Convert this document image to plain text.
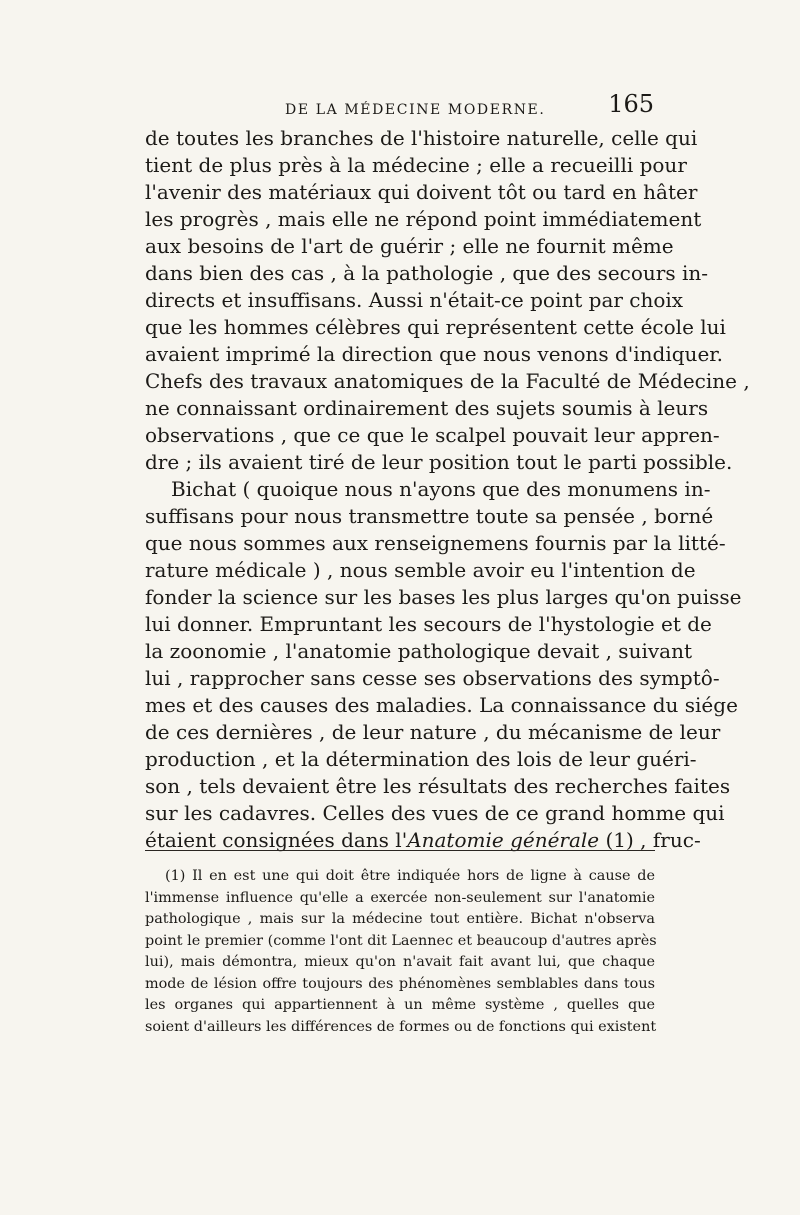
DE LA MÉDECINE MODERNE.	165
de toutes les branches de l'histoire naturelle, celle qui
tient de plus près à la médecine ; elle a recueilli pour
l'avenir des matériaux qui doivent tôt ou tard en hâter
les progrès , mais elle ne répond point immédiatement
aux besoins de l'art de guérir ; elle ne fournit même
dans bien des cas , à la pathologie , que des secours in-
directs et insuffisans. Aussi n'était-ce point par choix
que les hommes célèbres qui représentent cette école lui
avaient imprimé la direction que nous venons d'indiquer.
Chefs des travaux anatomiques de la Faculté de Médecine ,
ne connaissant ordinairement des sujets soumis à leurs
observations , que ce que le scalpel pouvait leur appren-
dre ; ils avaient tiré de leur position tout le parti possible.
Bichat ( quoique nous n'ayons que des monumens in-
suffisans pour nous transmettre toute sa pensée , borné
que nous sommes aux renseignemens fournis par la litté-
rature médicale ) , nous semble avoir eu l'intention de
fonder la science sur les bases les plus larges qu'on puisse
lui donner. Empruntant les secours de l'hystologie et de
la zoonomie , l'anatomie pathologique devait , suivant
lui , rapprocher sans cesse ses observations des symptô-
mes et des causes des maladies. La connaissance du siége
de ces dernières , de leur nature , du mécanisme de leur
production , et la détermination des lois de leur guéri-
son , tels devaient être les résultats des recherches faites
sur les cadavres. Celles des vues de ce grand homme qui
étaient consignées dans l'Anatomie générale (1) , fruc-
(1) Il en est une qui doit être indiquée hors de ligne à cause de
l'immense influence qu'elle a exercée non-seulement sur l'anatomie
pathologique , mais sur la médecine tout entière. Bichat n'observa
point le premier (comme l'ont dit Laennec et beaucoup d'autres après
lui), mais démontra, mieux qu'on n'avait fait avant lui, que chaque
mode de lésion offre toujours des phénomènes semblables dans tous
les organes qui appartiennent à un même système , quelles que
soient d'ailleurs les différences de formes ou de fonctions qui existent
